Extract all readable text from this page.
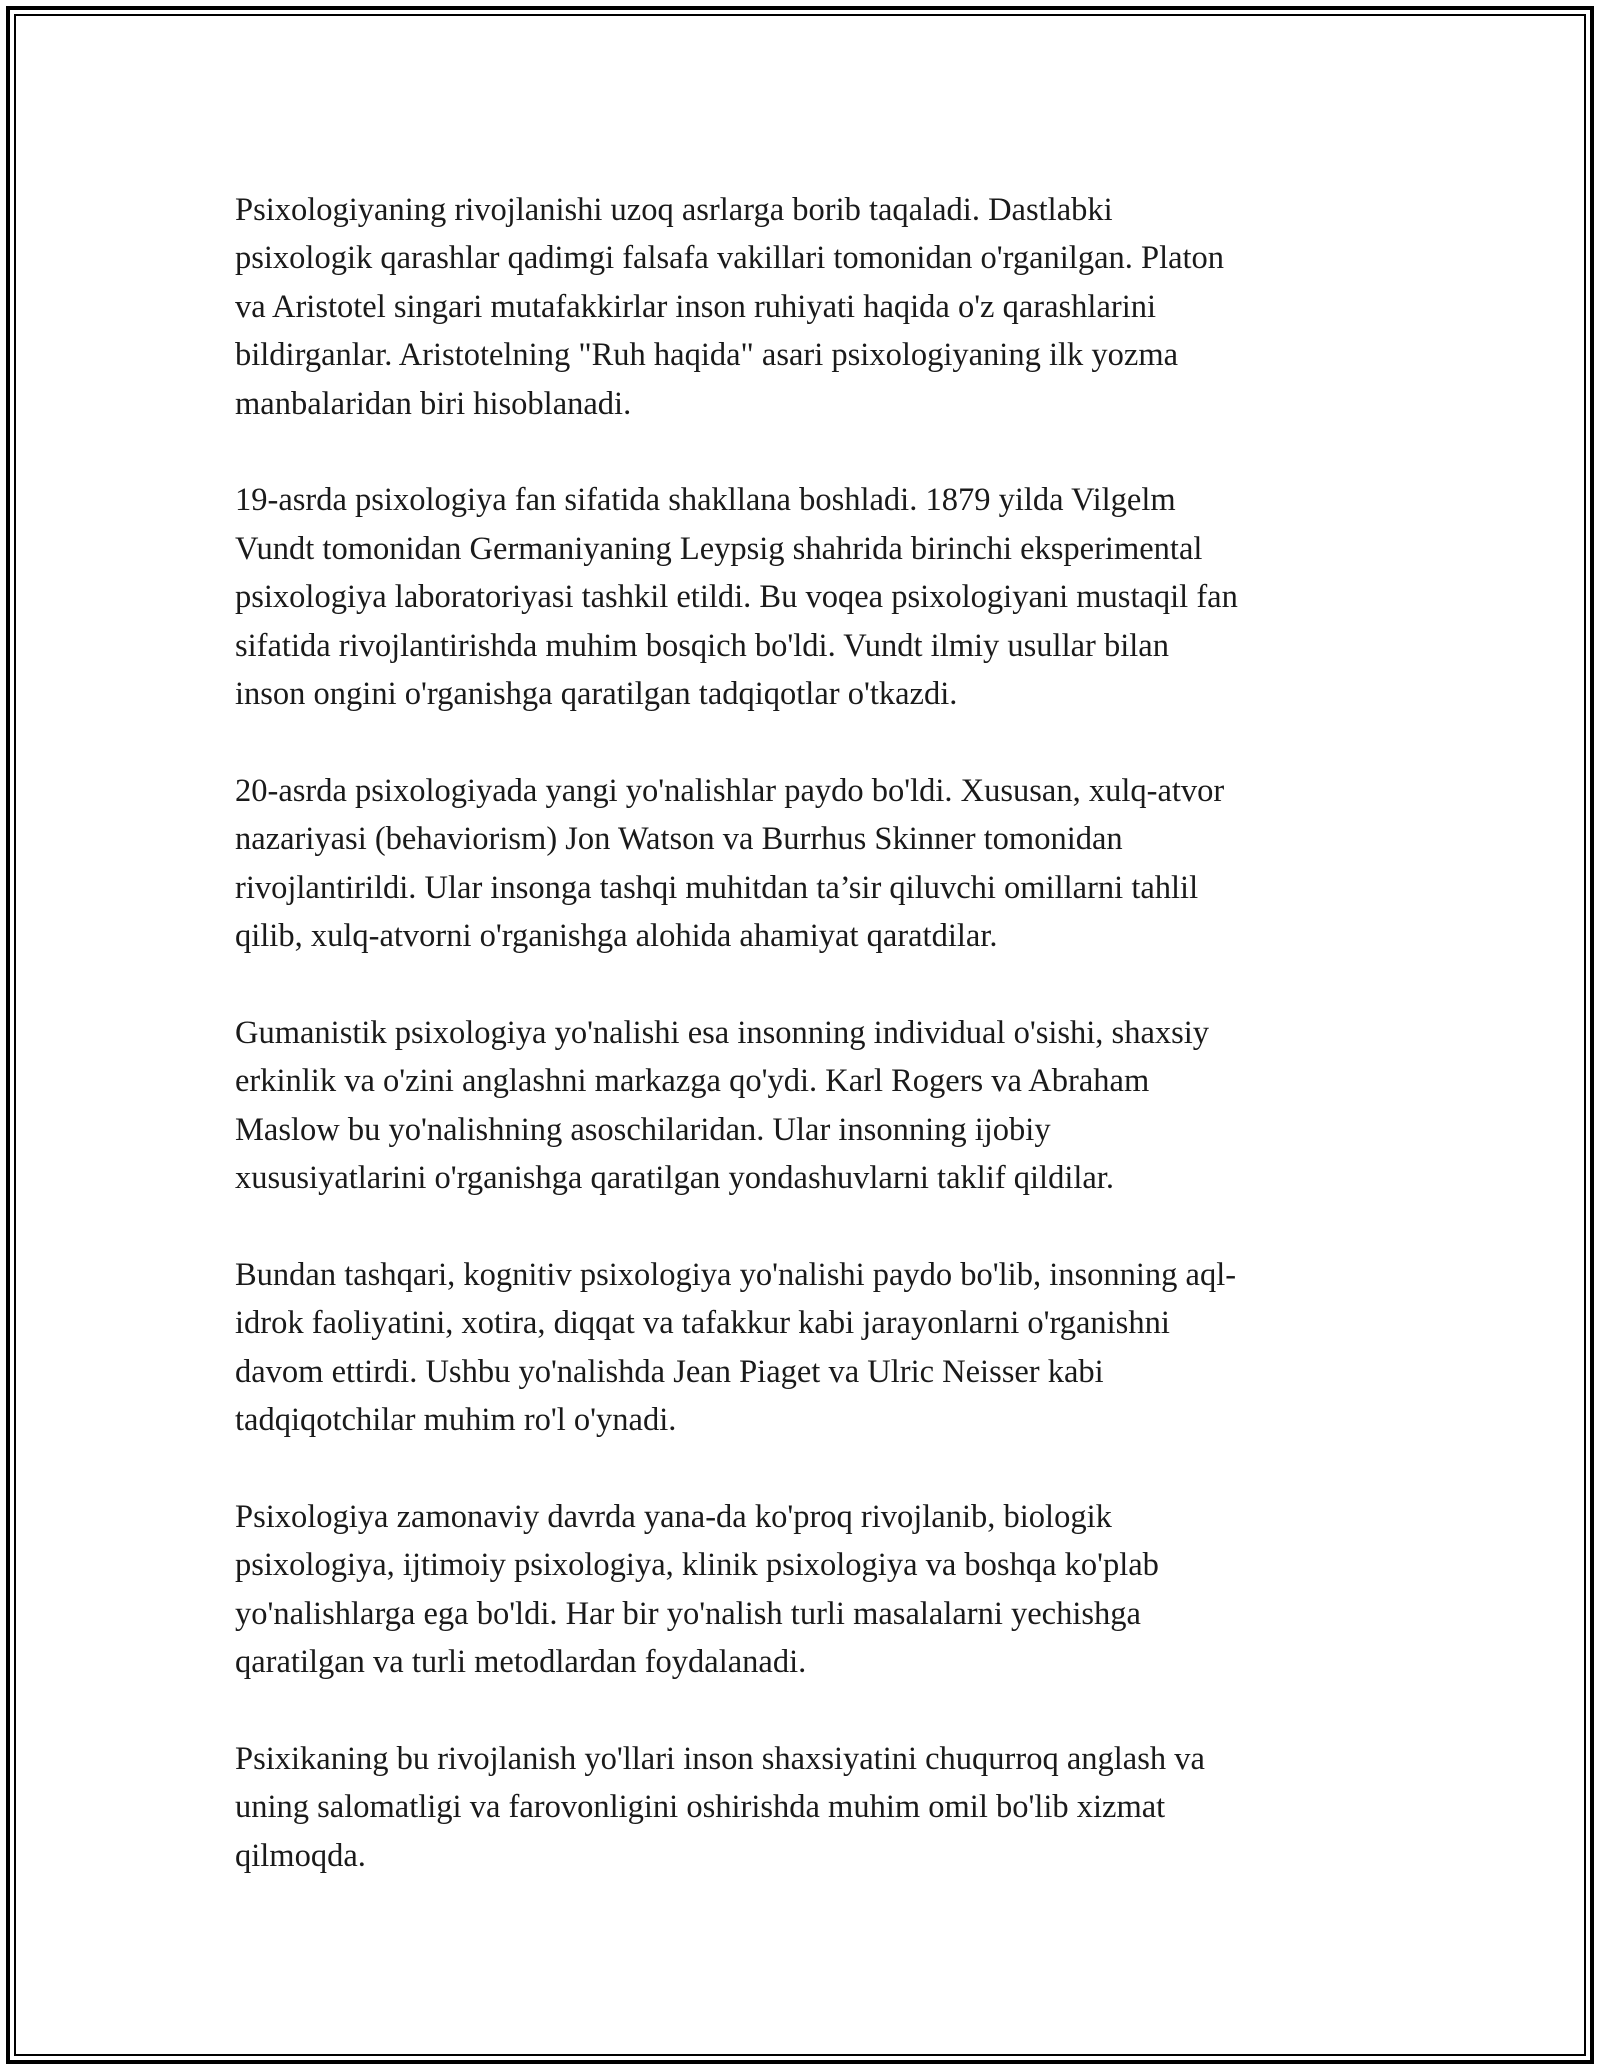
Psixologiyaning rivojlanishi uzoq asrlarga borib taqaladi. Dastlabki
psixologik qarashlar qadimgi falsafa vakillari tomonidan o'rganilgan. Platon
va Aristotel singari mutafakkirlar inson ruhiyati haqida o'z qarashlarini
bildirganlar. Aristotelning "Ruh haqida" asari psixologiyaning ilk yozma
manbalaridan biri hisoblanadi.

19-asrda psixologiya fan sifatida shakllana boshladi. 1879 yilda Vilgelm
Vundt tomonidan Germaniyaning Leypsig shahrida birinchi eksperimental
psixologiya laboratoriyasi tashkil etildi. Bu voqea psixologiyani mustaqil fan
sifatida rivojlantirishda muhim bosqich bo'ldi. Vundt ilmiy usullar bilan
inson ongini o'rganishga qaratilgan tadqiqotlar o'tkazdi.

20-asrda psixologiyada yangi yo'nalishlar paydo bo'ldi. Xususan, xulq-atvor
nazariyasi (behaviorism) Jon Watson va Burrhus Skinner tomonidan
rivojlantirildi. Ular insonga tashqi muhitdan ta’sir qiluvchi omillarni tahlil
qilib, xulq-atvorni o'rganishga alohida ahamiyat qaratdilar.

Gumanistik psixologiya yo'nalishi esa insonning individual o'sishi, shaxsiy
erkinlik va o'zini anglashni markazga qo'ydi. Karl Rogers va Abraham
Maslow bu yo'nalishning asoschilaridan. Ular insonning ijobiy
xususiyatlarini o'rganishga qaratilgan yondashuvlarni taklif qildilar.

Bundan tashqari, kognitiv psixologiya yo'nalishi paydo bo'lib, insonning aql-
idrok faoliyatini, xotira, diqqat va tafakkur kabi jarayonlarni o'rganishni
davom ettirdi. Ushbu yo'nalishda Jean Piaget va Ulric Neisser kabi
tadqiqotchilar muhim ro'l o'ynadi.

Psixologiya zamonaviy davrda yana-da ko'proq rivojlanib, biologik
psixologiya, ijtimoiy psixologiya, klinik psixologiya va boshqa ko'plab
yo'nalishlarga ega bo'ldi. Har bir yo'nalish turli masalalarni yechishga
qaratilgan va turli metodlardan foydalanadi.

Psixikaning bu rivojlanish yo'llari inson shaxsiyatini chuqurroq anglash va
uning salomatligi va farovonligini oshirishda muhim omil bo'lib xizmat
qilmoqda.
